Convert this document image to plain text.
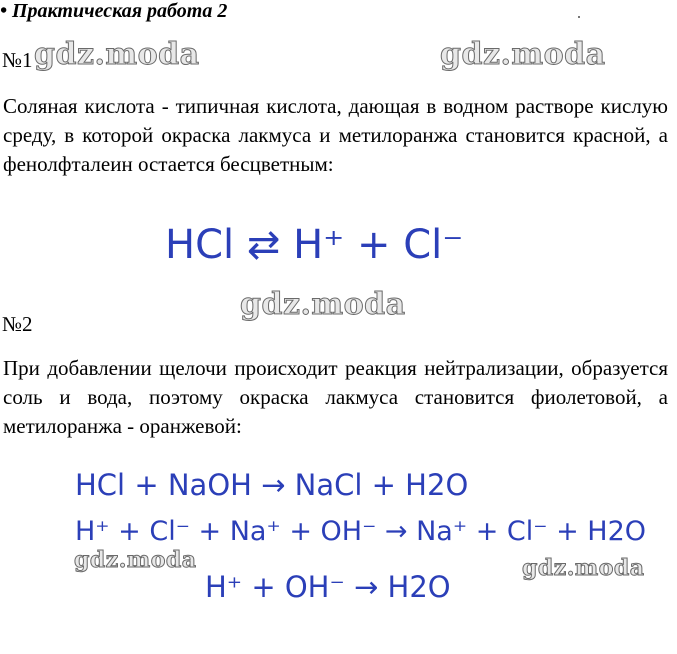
• Практическая работа 2
№1 gdz.moda	gdz.moda
Соляная кислота - типичная кислота, дающая в водном растворе кислую среду, в которой окраска лакмуса и метилоранжа становится красной, а фенолфталеин остается бесцветным:
HCl ⇄ H⁺ + Cl⁻
gdz.moda
№2
При добавлении щелочи происходит реакция нейтрализации, образуется соль и вода, поэтому окраска лакмуса становится фиолетовой, а метилоранжа - оранжевой:
HCl + NaOH → NaCl + H2O
H⁺ + Cl⁻ + Na⁺ + OH⁻ → Na⁺ + Cl⁻ + H2O
H⁺ + OH⁻ → H2O
gdz.moda	gdz.moda
